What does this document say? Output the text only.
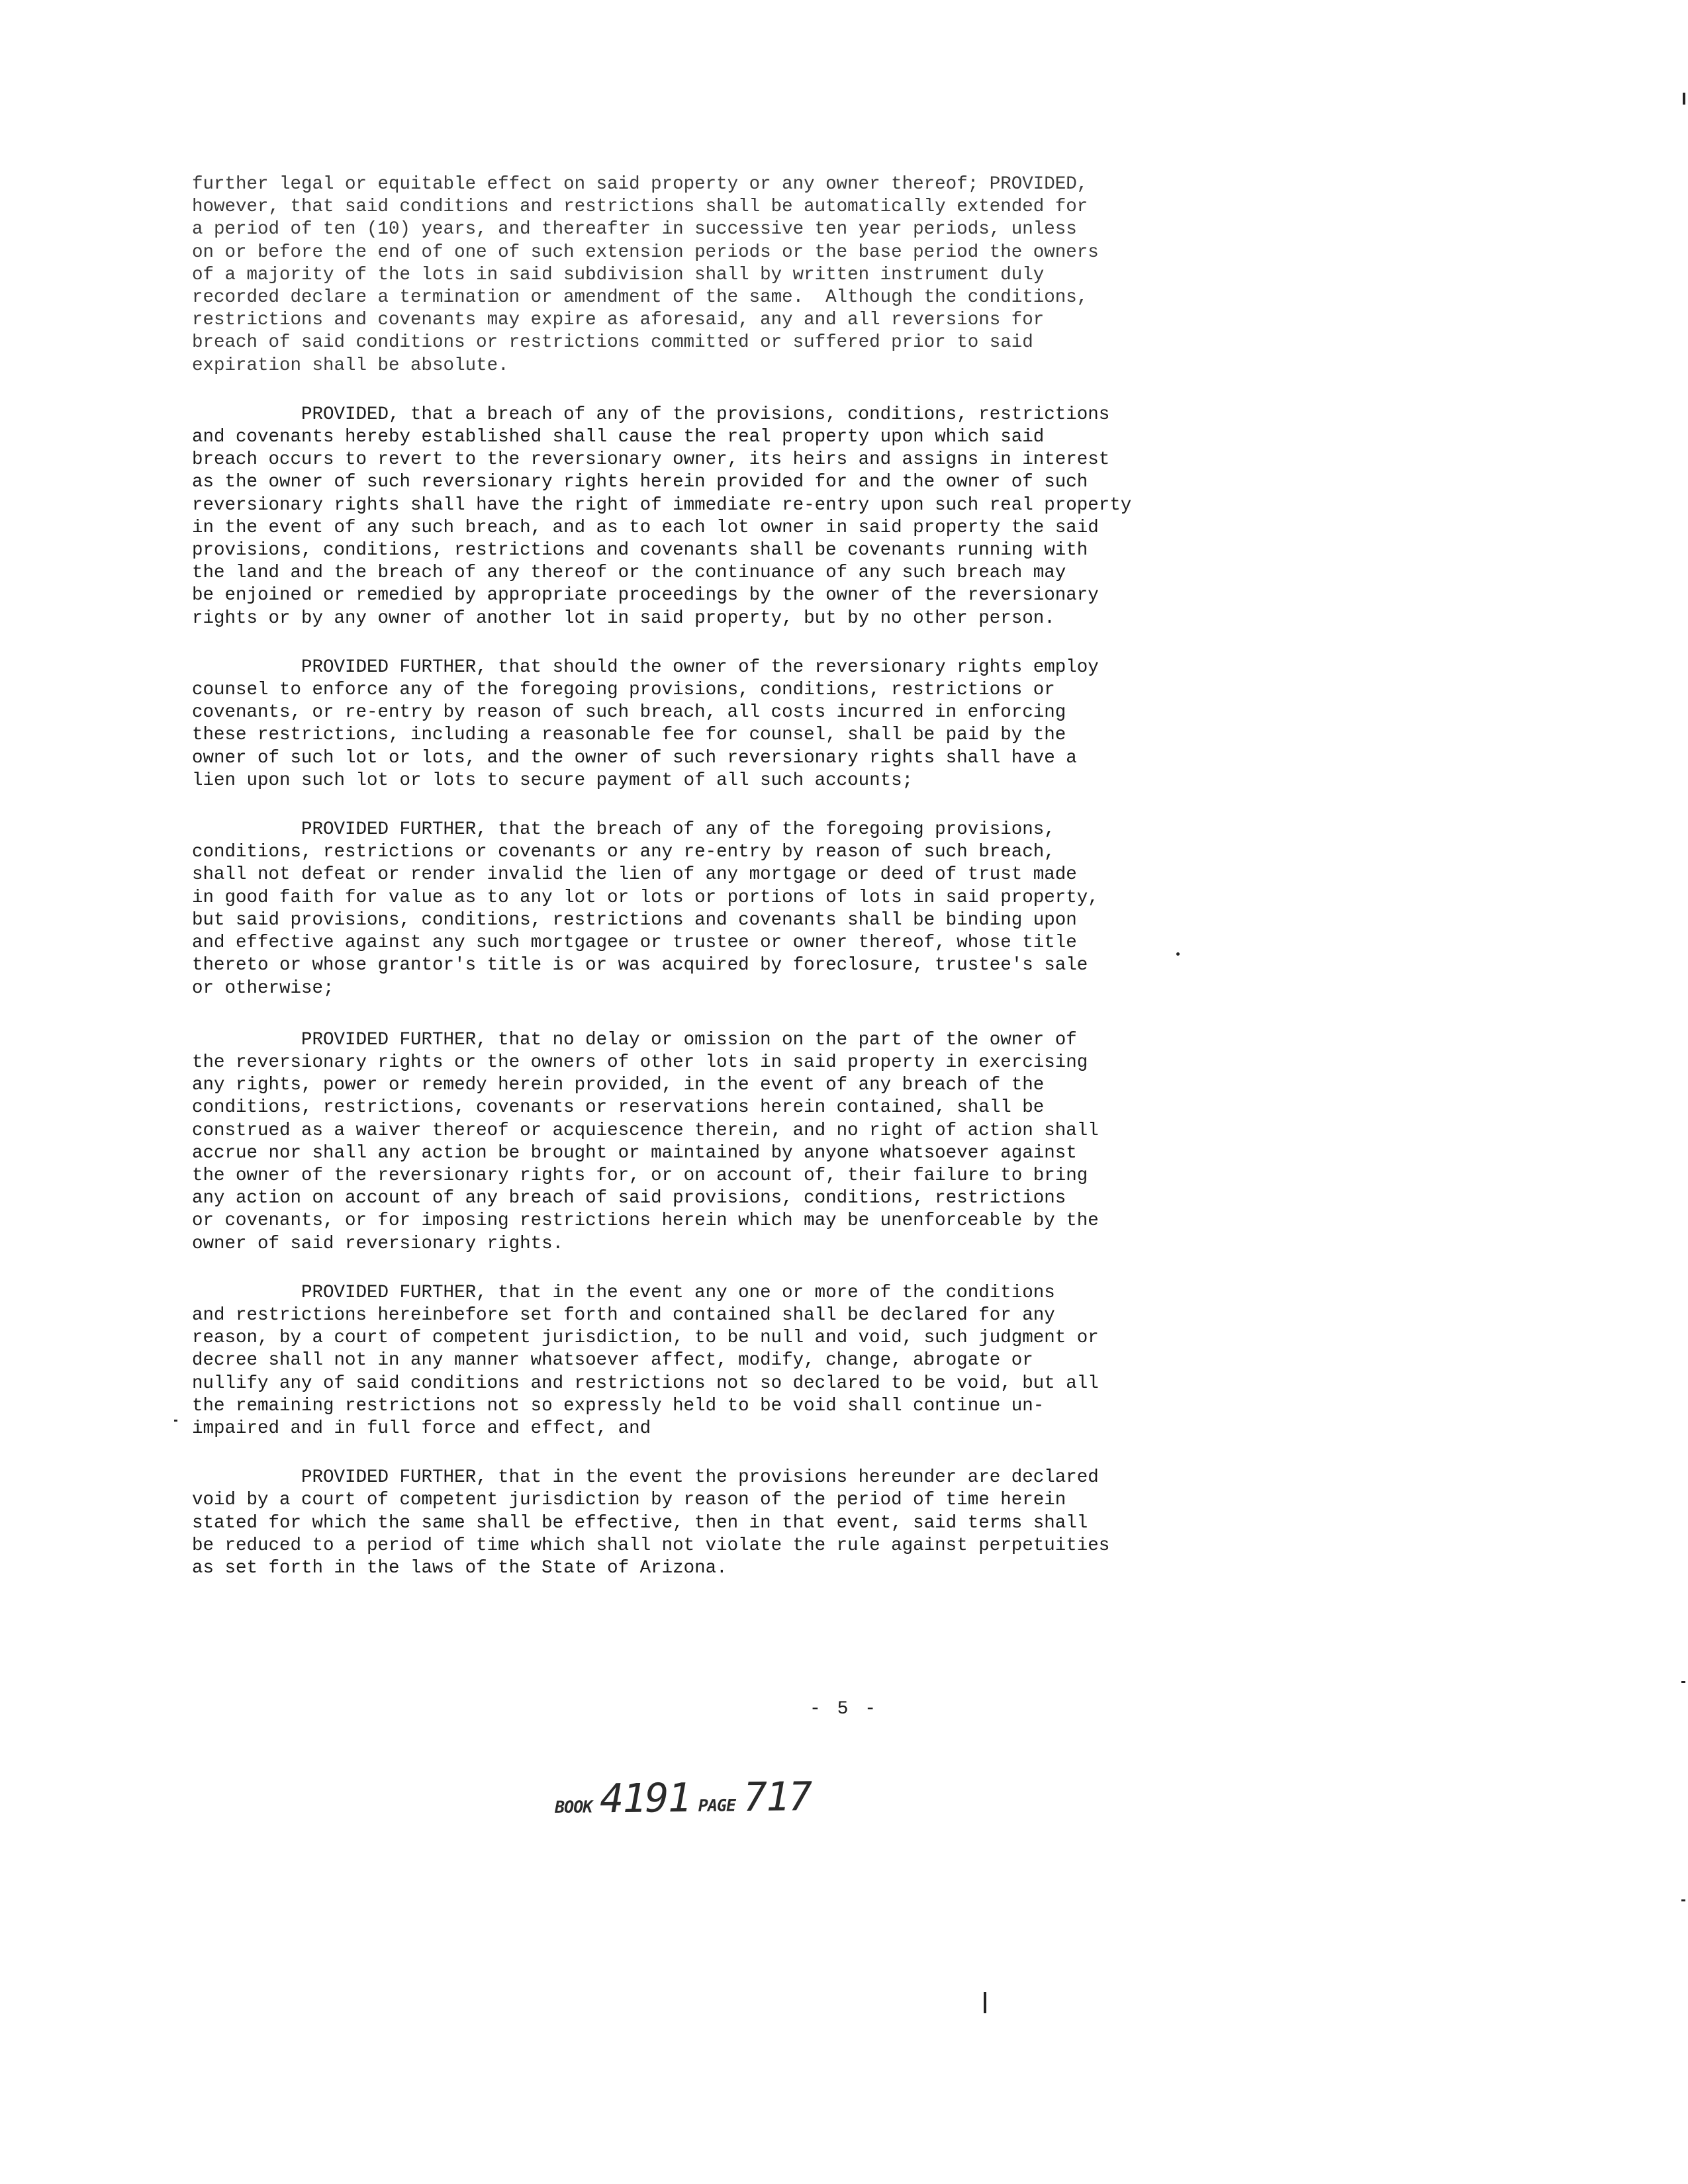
further legal or equitable effect on said property or any owner thereof; PROVIDED,
however, that said conditions and restrictions shall be automatically extended for
a period of ten (10) years, and thereafter in successive ten year periods, unless
on or before the end of one of such extension periods or the base period the owners
of a majority of the lots in said subdivision shall by written instrument duly
recorded declare a termination or amendment of the same.  Although the conditions,
restrictions and covenants may expire as aforesaid, any and all reversions for
breach of said conditions or restrictions committed or suffered prior to said
expiration shall be absolute.

PROVIDED, that a breach of any of the provisions, conditions, restrictions
and covenants hereby established shall cause the real property upon which said
breach occurs to revert to the reversionary owner, its heirs and assigns in interest
as the owner of such reversionary rights herein provided for and the owner of such
reversionary rights shall have the right of immediate re-entry upon such real property
in the event of any such breach, and as to each lot owner in said property the said
provisions, conditions, restrictions and covenants shall be covenants running with
the land and the breach of any thereof or the continuance of any such breach may
be enjoined or remedied by appropriate proceedings by the owner of the reversionary
rights or by any owner of another lot in said property, but by no other person.

PROVIDED FURTHER, that should the owner of the reversionary rights employ
counsel to enforce any of the foregoing provisions, conditions, restrictions or
covenants, or re-entry by reason of such breach, all costs incurred in enforcing
these restrictions, including a reasonable fee for counsel, shall be paid by the
owner of such lot or lots, and the owner of such reversionary rights shall have a
lien upon such lot or lots to secure payment of all such accounts;

PROVIDED FURTHER, that the breach of any of the foregoing provisions,
conditions, restrictions or covenants or any re-entry by reason of such breach,
shall not defeat or render invalid the lien of any mortgage or deed of trust made
in good faith for value as to any lot or lots or portions of lots in said property,
but said provisions, conditions, restrictions and covenants shall be binding upon
and effective against any such mortgagee or trustee or owner thereof, whose title
thereto or whose grantor's title is or was acquired by foreclosure, trustee's sale
or otherwise;

PROVIDED FURTHER, that no delay or omission on the part of the owner of
the reversionary rights or the owners of other lots in said property in exercising
any rights, power or remedy herein provided, in the event of any breach of the
conditions, restrictions, covenants or reservations herein contained, shall be
construed as a waiver thereof or acquiescence therein, and no right of action shall
accrue nor shall any action be brought or maintained by anyone whatsoever against
the owner of the reversionary rights for, or on account of, their failure to bring
any action on account of any breach of said provisions, conditions, restrictions
or covenants, or for imposing restrictions herein which may be unenforceable by the
owner of said reversionary rights.

PROVIDED FURTHER, that in the event any one or more of the conditions
and restrictions hereinbefore set forth and contained shall be declared for any
reason, by a court of competent jurisdiction, to be null and void, such judgment or
decree shall not in any manner whatsoever affect, modify, change, abrogate or
nullify any of said conditions and restrictions not so declared to be void, but all
the remaining restrictions not so expressly held to be void shall continue un-
impaired and in full force and effect, and

PROVIDED FURTHER, that in the event the provisions hereunder are declared
void by a court of competent jurisdiction by reason of the period of time herein
stated for which the same shall be effective, then in that event, said terms shall
be reduced to a period of time which shall not violate the rule against perpetuities
as set forth in the laws of the State of Arizona.

- 5 -
BOOK 4191 PAGE 717
